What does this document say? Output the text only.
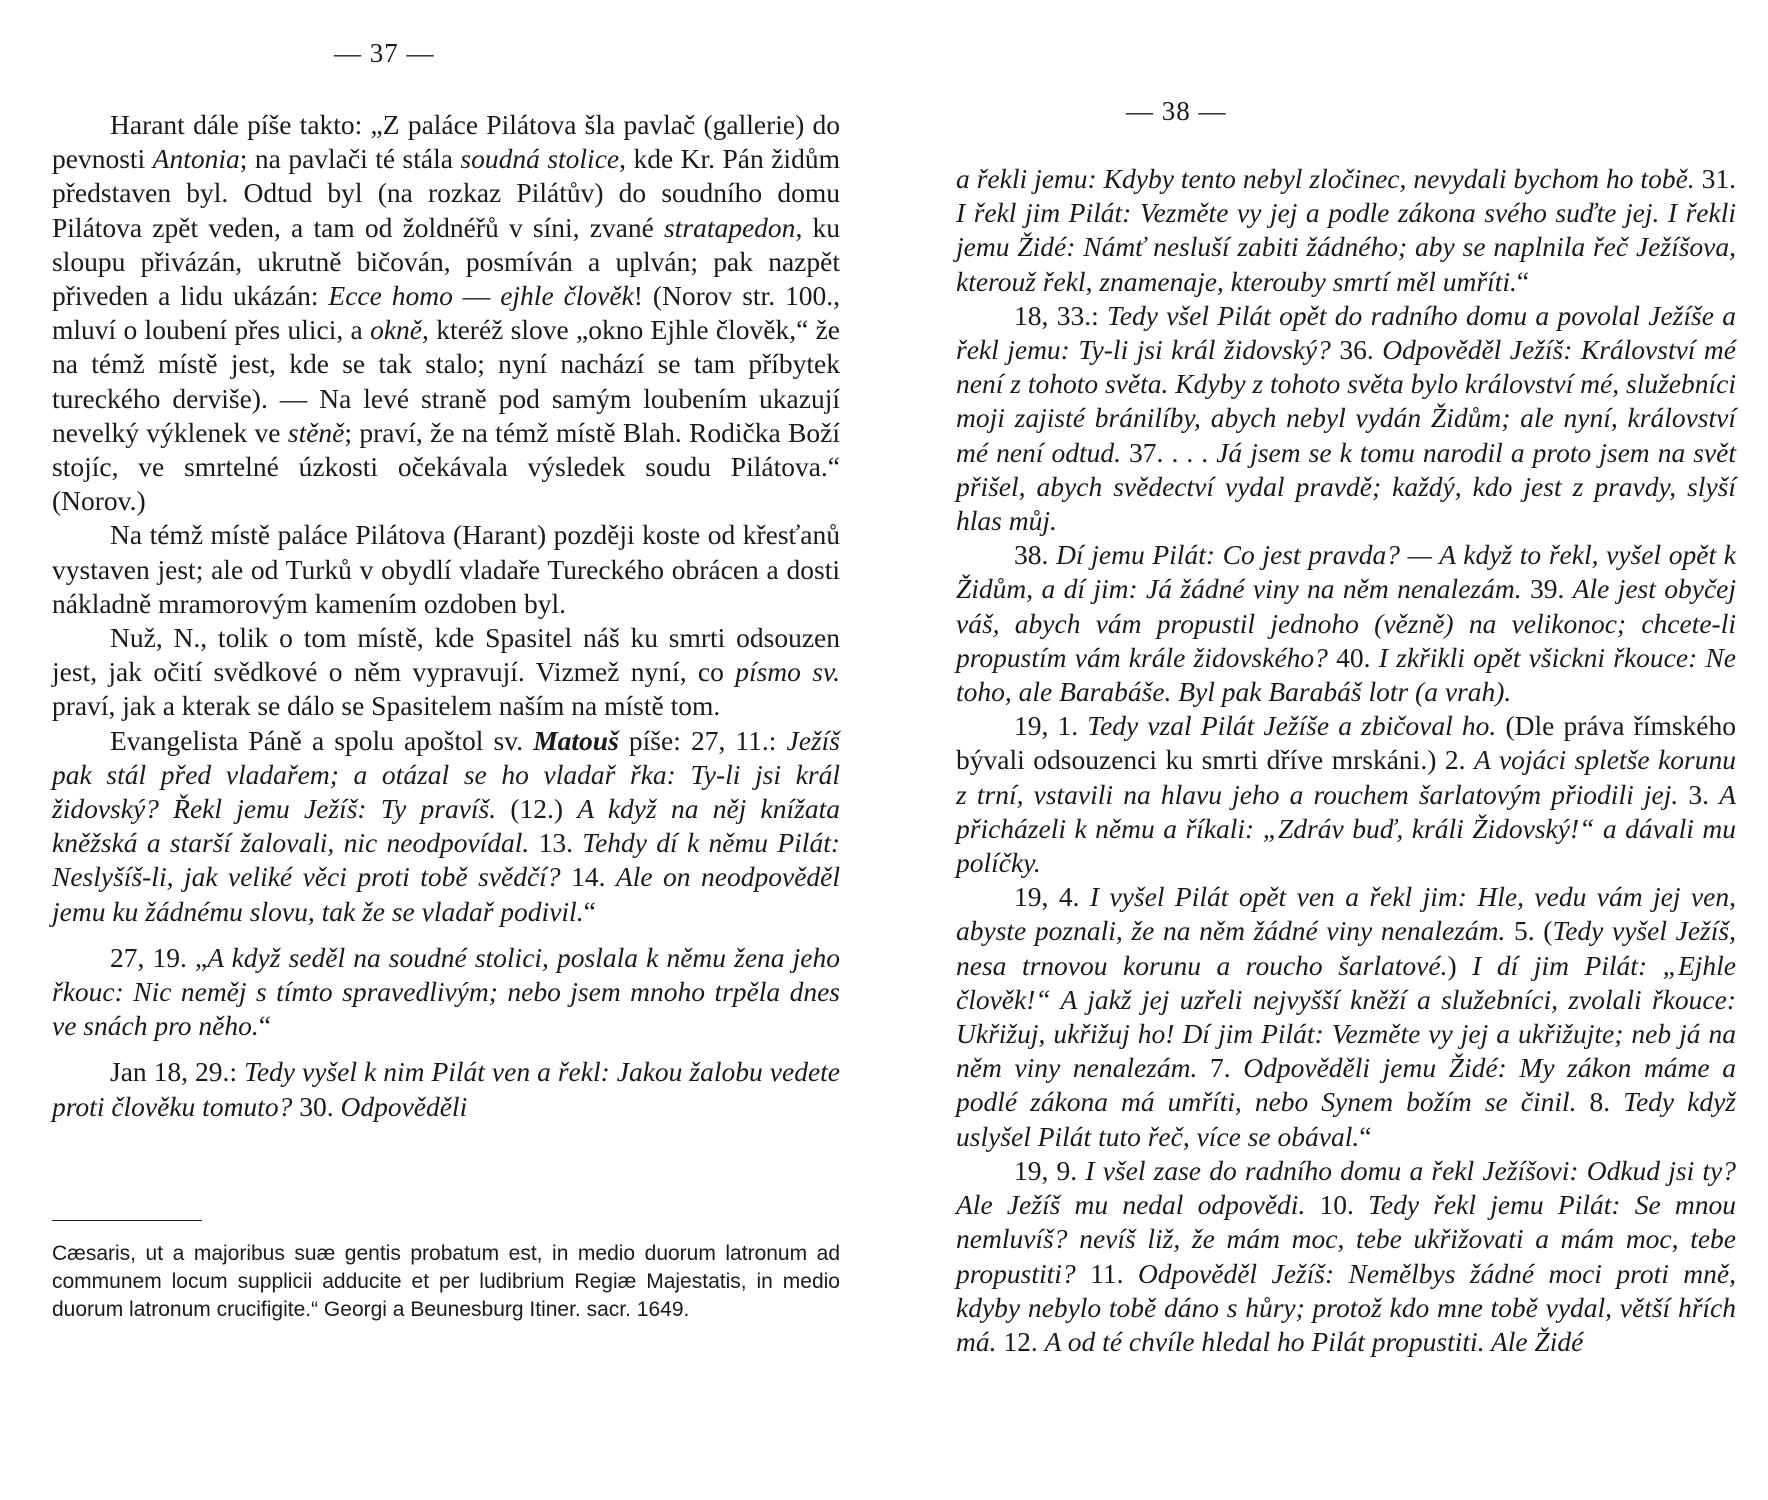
— 37 —

Harant dále píše takto: „Z paláce Pilátova šla pavlač (gallerie) do pevnosti Antonia; na pavlači té stála soudná stolice, kde Kr. Pán židům představen byl. Odtud byl (na rozkaz Pilátův) do soudního domu Pilátova zpět veden, a tam od žoldnéřů v síni, zvané stratapedon, ku sloupu přivázán, ukrutně bičován, posmíván a uplván; pak nazpět přiveden a lidu ukázán: Ecce homo — ejhle člověk! (Norov str. 100., mluví o loubení přes ulici, a okně, kteréž slove „okno Ejhle člověk,“ že na témž místě jest, kde se tak stalo; nyní nachází se tam příbytek tureckého derviše). — Na levé straně pod samým loubením ukazují nevelký výklenek ve stěně; praví, že na témž místě Blah. Rodička Boží stojíc, ve smrtelné úzkosti očekávala výsledek soudu Pilátova.“ (Norov.)

Na témž místě paláce Pilátova (Harant) později koste od křesťanů vystaven jest; ale od Turků v obydlí vladaře Tureckého obrácen a dosti nákladně mramorovým kamením ozdoben byl.

Nuž, N., tolik o tom místě, kde Spasitel náš ku smrti odsouzen jest, jak očití svědkové o něm vypravují. Vizmež nyní, co písmo sv. praví, jak a kterak se dálo se Spasitelem naším na místě tom.

Evangelista Páně a spolu apoštol sv. Matouš píše: 27, 11.: Ježíš pak stál před vladařem; a otázal se ho vladař řka: Ty-li jsi král židovský? Řekl jemu Ježíš: Ty pravíš. (12.) A když na něj knížata kněžská a starší žalovali, nic neodpovídal. 13. Tehdy dí k němu Pilát: Neslyšíš-li, jak veliké věci proti tobě svědčí? 14. Ale on neodpověděl jemu ku žádnému slovu, tak že se vladař podivil.“

27, 19. „A když seděl na soudné stolici, poslala k němu žena jeho řkouc: Nic neměj s tímto spravedlivým; nebo jsem mnoho trpěla dnes ve snách pro něho.“

Jan 18, 29.: Tedy vyšel k nim Pilát ven a řekl: Jakou žalobu vedete proti člověku tomuto? 30. Odpověděli

Cæsaris, ut a majoribus suæ gentis probatum est, in medio duorum latronum ad communem locum supplicii adducite et per ludibrium Regiæ Majestatis, in medio duorum latronum crucifigite.“ Georgi a Beunesburg Itiner. sacr. 1649.
— 38 —

a řekli jemu: Kdyby tento nebyl zločinec, nevydali bychom ho tobě. 31. I řekl jim Pilát: Vezměte vy jej a podle zákona svého suďte jej. I řekli jemu Židé: Námť nesluší zabiti žádného; aby se naplnila řeč Ježíšova, kterouž řekl, znamenaje, kterouby smrtí měl umříti.“

18, 33.: Tedy všel Pilát opět do radního domu a povolal Ježíše a řekl jemu: Ty-li jsi král židovský? 36. Odpověděl Ježíš: Království mé není z tohoto světa. Kdyby z tohoto světa bylo království mé, služebníci moji zajisté bránilíby, abych nebyl vydán Židům; ale nyní, království mé není odtud. 37. . . . Já jsem se k tomu narodil a proto jsem na svět přišel, abych svědectví vydal pravdě; každý, kdo jest z pravdy, slyší hlas můj.

38. Dí jemu Pilát: Co jest pravda? — A když to řekl, vyšel opět k Židům, a dí jim: Já žádné viny na něm nenalezám. 39. Ale jest obyčej váš, abych vám propustil jednoho (vězně) na velikonoc; chcete-li propustím vám krále židovského? 40. I zkřikli opět všickni řkouce: Ne toho, ale Barabáše. Byl pak Barabáš lotr (a vrah).

19, 1. Tedy vzal Pilát Ježíše a zbičoval ho. (Dle práva římského bývali odsouzenci ku smrti dříve mrskáni.) 2. A vojáci spletše korunu z trní, vstavili na hlavu jeho a rouchem šarlatovým přiodili jej. 3. A přicházeli k němu a říkali: „Zdráv buď, králi Židovský!“ a dávali mu políčky.

19, 4. I vyšel Pilát opět ven a řekl jim: Hle, vedu vám jej ven, abyste poznali, že na něm žádné viny nenalezám. 5. (Tedy vyšel Ježíš, nesa trnovou korunu a roucho šarlatové.) I dí jim Pilát: „Ejhle člověk!“ A jakž jej uzřeli nejvyšší kněží a služebníci, zvolali řkouce: Ukřižuj, ukřižuj ho! Dí jim Pilát: Vezměte vy jej a ukřižujte; neb já na něm viny nenalezám. 7. Odpověděli jemu Židé: My zákon máme a podlé zákona má umříti, nebo Synem božím se činil. 8. Tedy když uslyšel Pilát tuto řeč, více se obával.“

19, 9. I všel zase do radního domu a řekl Ježíšovi: Odkud jsi ty? Ale Ježíš mu nedal odpovědi. 10. Tedy řekl jemu Pilát: Se mnou nemluvíš? nevíš liž, že mám moc, tebe ukřižovati a mám moc, tebe propustiti? 11. Odpověděl Ježíš: Nemělbys žádné moci proti mně, kdyby nebylo tobě dáno s hůry; protož kdo mne tobě vydal, větší hřích má. 12. A od té chvíle hledal ho Pilát propustiti. Ale Židé
